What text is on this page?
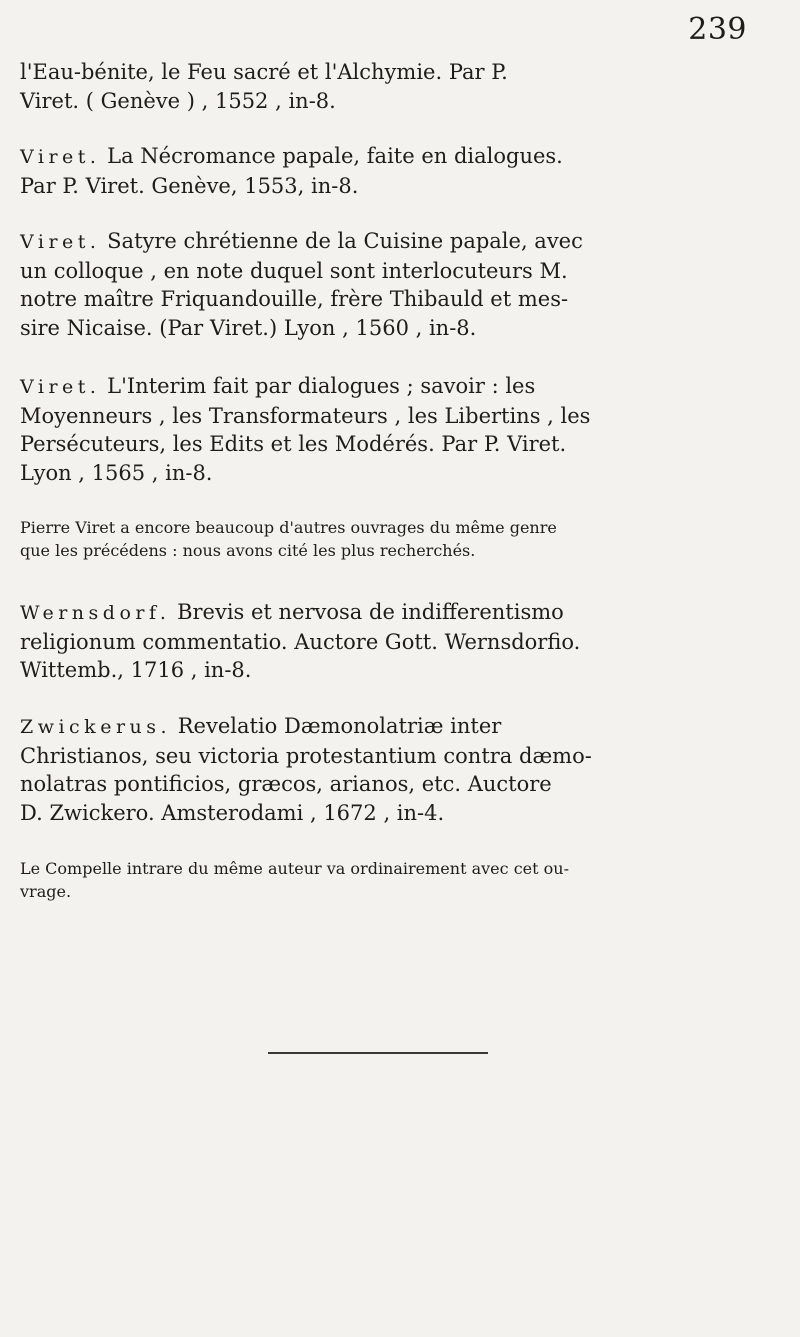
239
l'Eau-bénite, le Feu sacré et l'Alchymie. Par P.
Viret. ( Genève ) , 1552 , in-8.
Viret. La Nécromance papale, faite en dialogues.
Par P. Viret. Genève, 1553, in-8.
Viret. Satyre chrétienne de la Cuisine papale, avec
un colloque , en note duquel sont interlocuteurs M.
notre maître Friquandouille, frère Thibauld et mes-
sire Nicaise. (Par Viret.) Lyon , 1560 , in-8.
Viret. L'Interim fait par dialogues ; savoir : les
Moyenneurs , les Transformateurs , les Libertins , les
Persécuteurs, les Edits et les Modérés. Par P. Viret.
Lyon , 1565 , in-8.
Pierre Viret a encore beaucoup d'autres ouvrages du même genre
que les précédens : nous avons cité les plus recherchés.
Wernsdorf. Brevis et nervosa de indifferentismo
religionum commentatio. Auctore Gott. Wernsdorfio.
Wittemb., 1716 , in-8.
Zwickerus. Revelatio Dæmonolatriæ inter
Christianos, seu victoria protestantium contra dæmo-
nolatras pontificios, græcos, arianos, etc. Auctore
D. Zwickero. Amsterodami , 1672 , in-4.
Le Compelle intrare du même auteur va ordinairement avec cet ou-
vrage.
